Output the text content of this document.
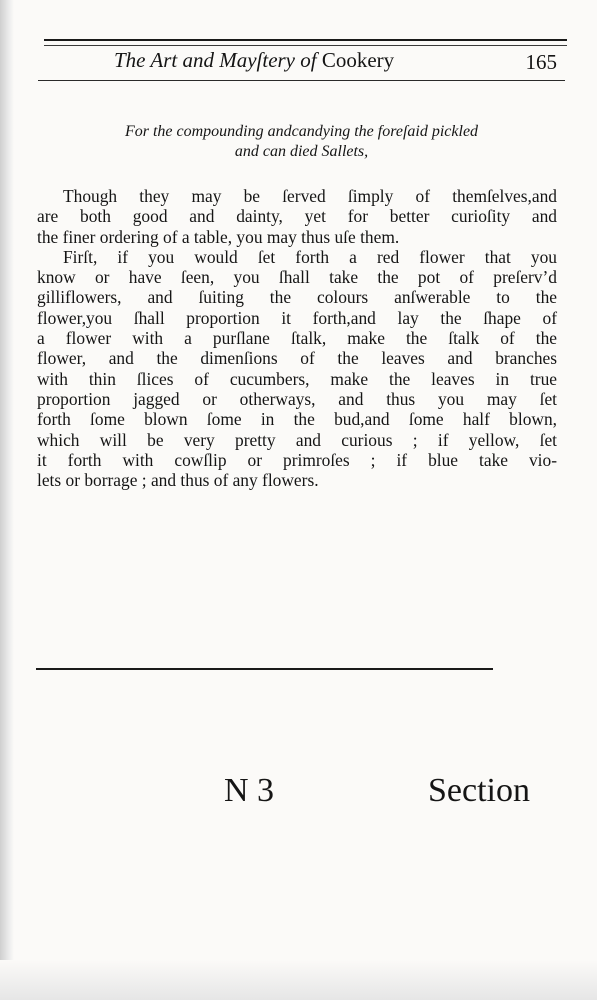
The Art and Mayſtery of Cookery	165
For the compounding andcandying the foreſaid pickled
and can died Sallets,
Though they may be ſerved ſimply of themſelves,and
are both good and dainty, yet for better curioſity and
the finer ordering of a table, you may thus uſe them.
Firſt, if you would ſet forth a red flower that you
know or have ſeen, you ſhall take the pot of preſerv’d
gilliflowers, and ſuiting the colours anſwerable to the
flower,you ſhall proportion it forth,and lay the ſhape of
a flower with a purſlane ſtalk, make the ſtalk of the
flower, and the dimenſions of the leaves and branches
with thin ſlices of cucumbers, make the leaves in true
proportion jagged or otherways, and thus you may ſet
forth ſome blown ſome in the bud,and ſome half blown,
which will be very pretty and curious ; if yellow, ſet
it forth with cowſlip or primroſes ; if blue take vio-
lets or borrage ; and thus of any flowers.
N 3	Section
